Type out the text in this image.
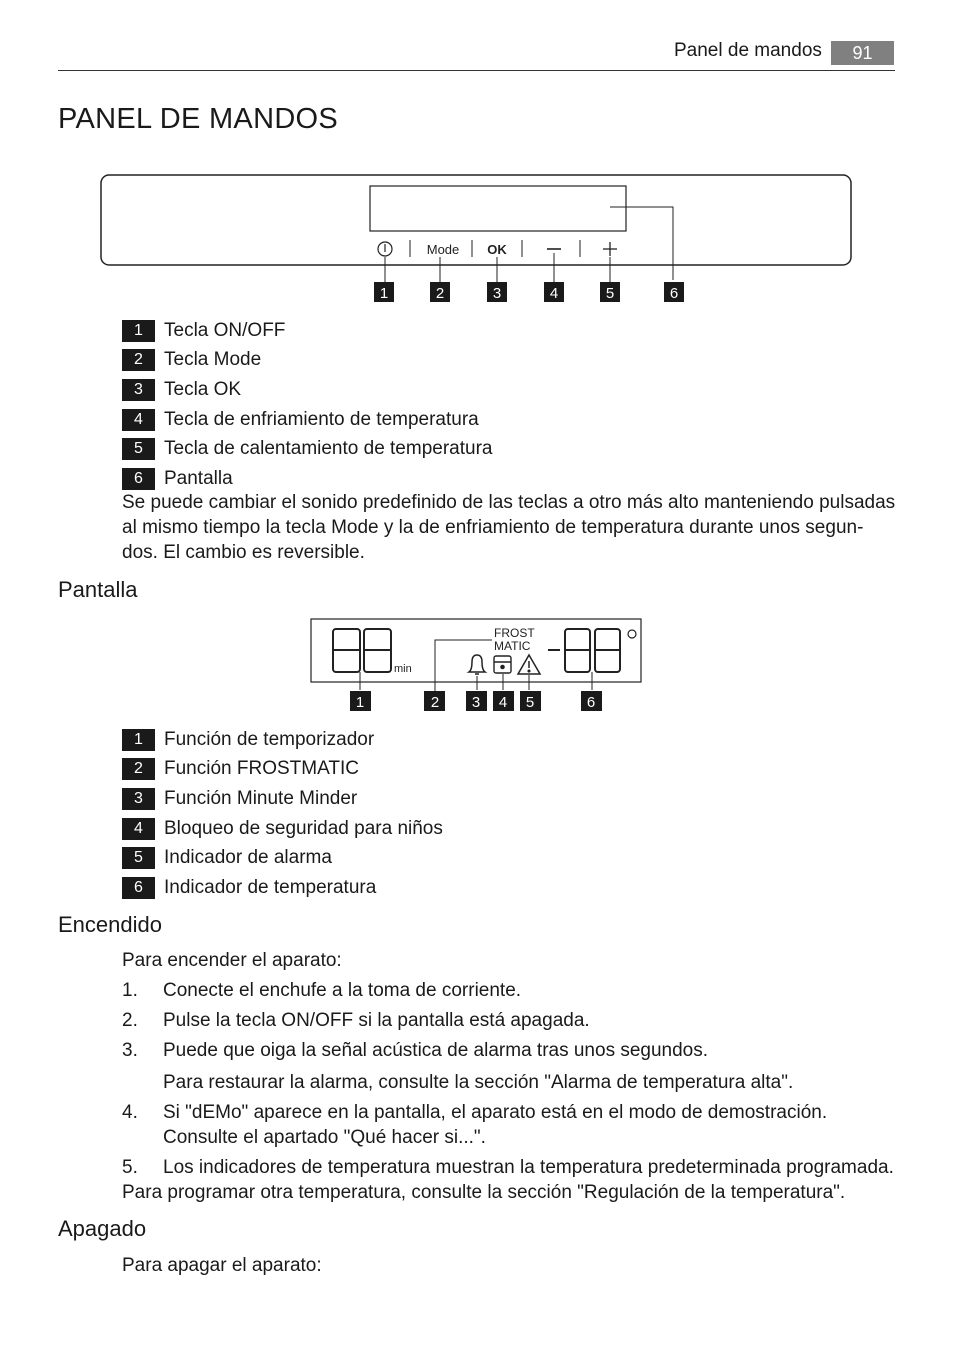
Panel de mandos	91
PANEL DE MANDOS
Mode OK
1	2	3	4	5	6
1	Tecla ON/OFF
2	Tecla Mode
3	Tecla OK
4	Tecla de enfriamiento de temperatura
5	Tecla de calentamiento de temperatura
6	Pantalla
Se puede cambiar el sonido predefinido de las teclas a otro más alto manteniendo pulsadas al mismo tiempo la tecla Mode y la de enfriamiento de temperatura durante unos segun-dos. El cambio es reversible.
Pantalla
min
FROST
MATIC
1	2 3 4 5	6
1	Función de temporizador
2	Función FROSTMATIC
3	Función Minute Minder
4	Bloqueo de seguridad para niños
5	Indicador de alarma
6	Indicador de temperatura
Encendido
Para encender el aparato:
1.	Conecte el enchufe a la toma de corriente.
2.	Pulse la tecla ON/OFF si la pantalla está apagada.
3.	Puede que oiga la señal acústica de alarma tras unos segundos.
Para restaurar la alarma, consulte la sección "Alarma de temperatura alta".
4.	Si "dEMo" aparece en la pantalla, el aparato está en el modo de demostración. Consulte el apartado "Qué hacer si...".
5.	Los indicadores de temperatura muestran la temperatura predeterminada programada.
Para programar otra temperatura, consulte la sección "Regulación de la temperatura".
Apagado
Para apagar el aparato:
